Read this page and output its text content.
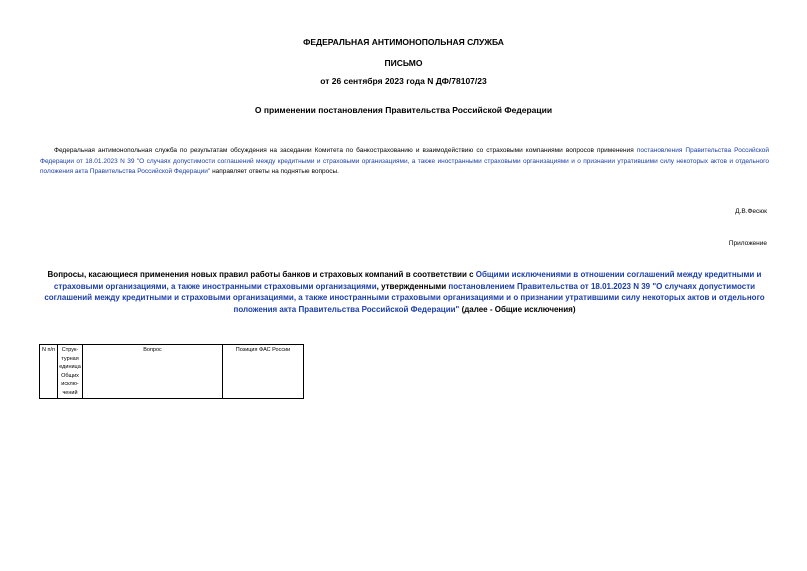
ФЕДЕРАЛЬНАЯ АНТИМОНОПОЛЬНАЯ СЛУЖБА
ПИСЬМО
от 26 сентября 2023 года N ДФ/78107/23
О применении постановления Правительства Российской Федерации
Федеральная антимонопольная служба по результатам обсуждения на заседании Комитета по банкострахованию и взаимодействию со страховыми компаниями вопросов применения постановления Правительства Российской Федерации от 18.01.2023 N 39 "О случаях допустимости соглашений между кредитными и страховыми организациями, а также иностранными страховыми организациями и о признании утратившими силу некоторых актов и отдельного положения акта Правительства Российской Федерации" направляет ответы на поднятые вопросы.
Д.В.Фесюк
Приложение
Вопросы, касающиеся применения новых правил работы банков и страховых компаний в соответствии с Общими исключениями в отношении соглашений между кредитными и страховыми организациями, а также иностранными страховыми организациями, утвержденными постановлением Правительства от 18.01.2023 N 39 "О случаях допустимости соглашений между кредитными и страховыми организациями, а также иностранными страховыми организациями и о признании утратившими силу некоторых актов и отдельного положения акта Правительства Российской Федерации" (далее - Общие исключения)
N п/п	Струк-турная единица Общих исклю-чений	Вопрос	Позиция ФАС России
